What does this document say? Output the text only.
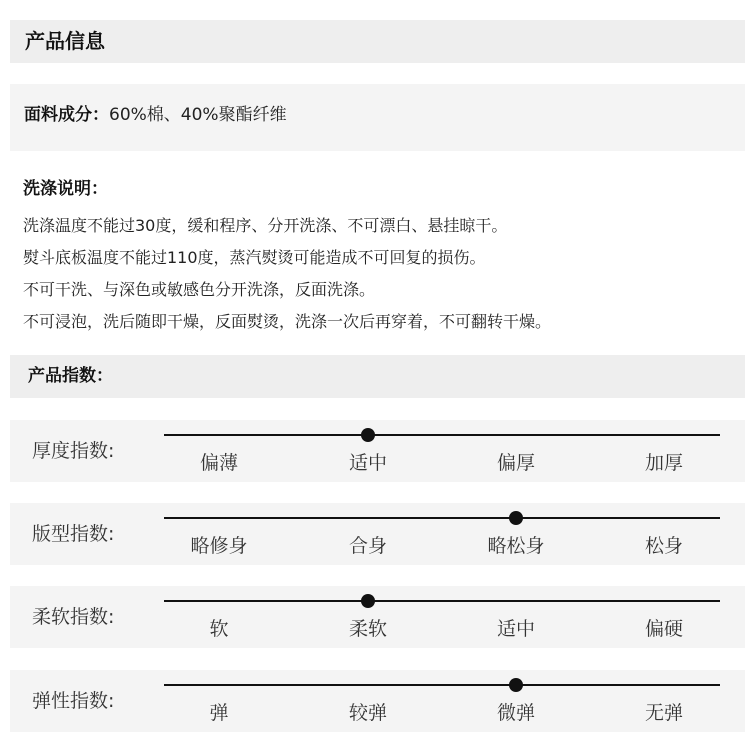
产品信息
面料成分：60%棉、40%聚酯纤维
洗涤说明：
洗涤温度不能过30度，缓和程序、分开洗涤、不可漂白、悬挂晾干。
熨斗底板温度不能过110度，蒸汽熨烫可能造成不可回复的损伤。
不可干洗、与深色或敏感色分开洗涤，反面洗涤。
不可浸泡，洗后随即干燥，反面熨烫，洗涤一次后再穿着，不可翻转干燥。
产品指数：
厚度指数:
偏薄	适中	偏厚	加厚
版型指数:
略修身	合身	略松身	松身
柔软指数:
软	柔软	适中	偏硬
弹性指数:
弹	较弹	微弹	无弹
